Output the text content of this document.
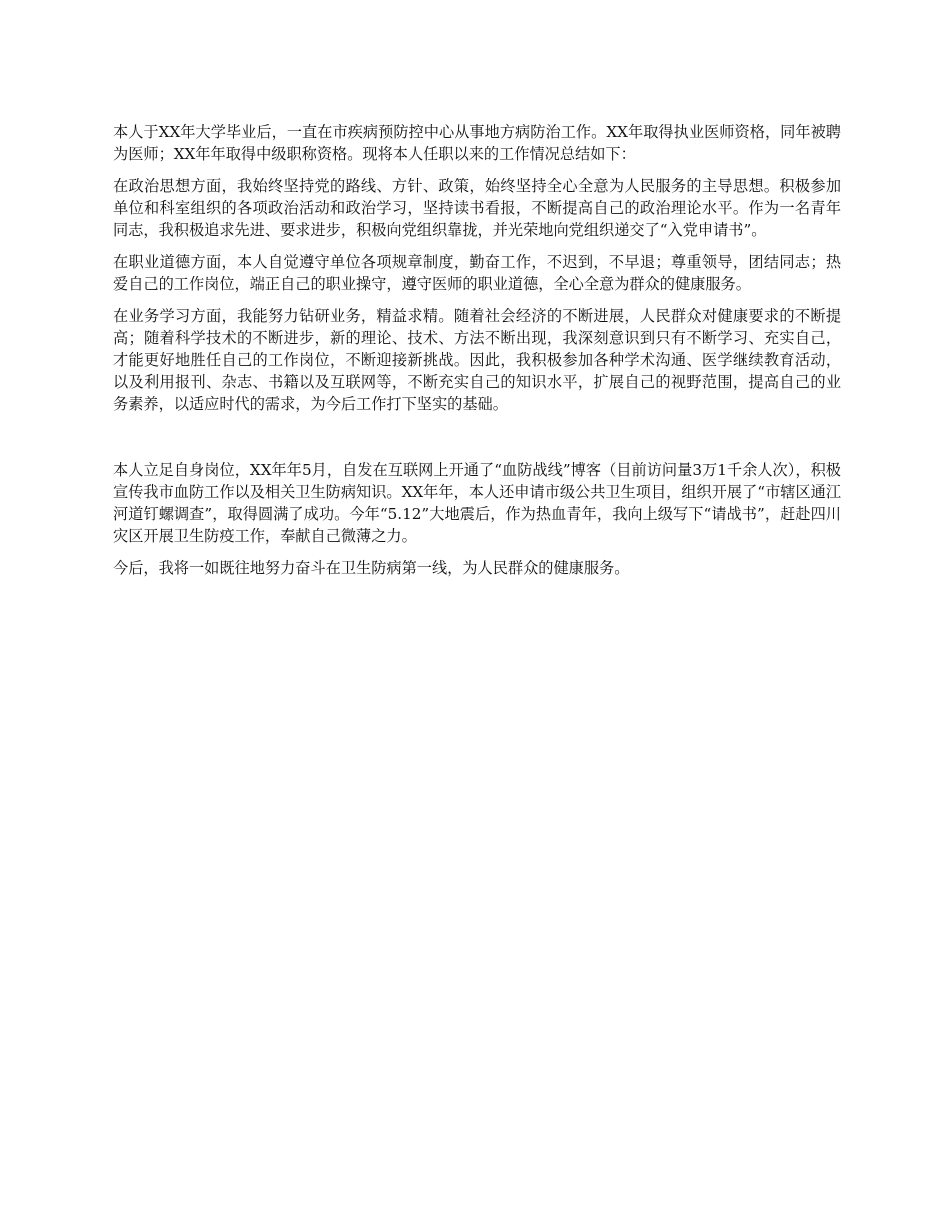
本人于XX年大学毕业后，一直在市疾病预防控中心从事地方病防治工作。XX年取得执业医师资格，同年被聘为医师；XX年年取得中级职称资格。现将本人任职以来的工作情况总结如下：

在政治思想方面，我始终坚持党的路线、方针、政策，始终坚持全心全意为人民服务的主导思想。积极参加单位和科室组织的各项政治活动和政治学习，坚持读书看报，不断提高自己的政治理论水平。作为一名青年同志，我积极追求先进、要求进步，积极向党组织靠拢，并光荣地向党组织递交了“入党申请书”。

在职业道德方面，本人自觉遵守单位各项规章制度，勤奋工作，不迟到，不早退；尊重领导，团结同志；热爱自己的工作岗位，端正自己的职业操守，遵守医师的职业道德，全心全意为群众的健康服务。

在业务学习方面，我能努力钻研业务，精益求精。随着社会经济的不断进展，人民群众对健康要求的不断提高；随着科学技术的不断进步，新的理论、技术、方法不断出现，我深刻意识到只有不断学习、充实自己，才能更好地胜任自己的工作岗位，不断迎接新挑战。因此，我积极参加各种学术沟通、医学继续教育活动，以及利用报刊、杂志、书籍以及互联网等，不断充实自己的知识水平，扩展自己的视野范围，提高自己的业务素养，以适应时代的需求，为今后工作打下坚实的基础。

本人立足自身岗位，XX年年5月，自发在互联网上开通了“血防战线”博客（目前访问量3万1千余人次），积极宣传我市血防工作以及相关卫生防病知识。XX年年，本人还申请市级公共卫生项目，组织开展了“市辖区通江河道钉螺调查”，取得圆满了成功。今年“5.12”大地震后，作为热血青年，我向上级写下“请战书”，赶赴四川灾区开展卫生防疫工作，奉献自己微薄之力。

今后，我将一如既往地努力奋斗在卫生防病第一线，为人民群众的健康服务。
